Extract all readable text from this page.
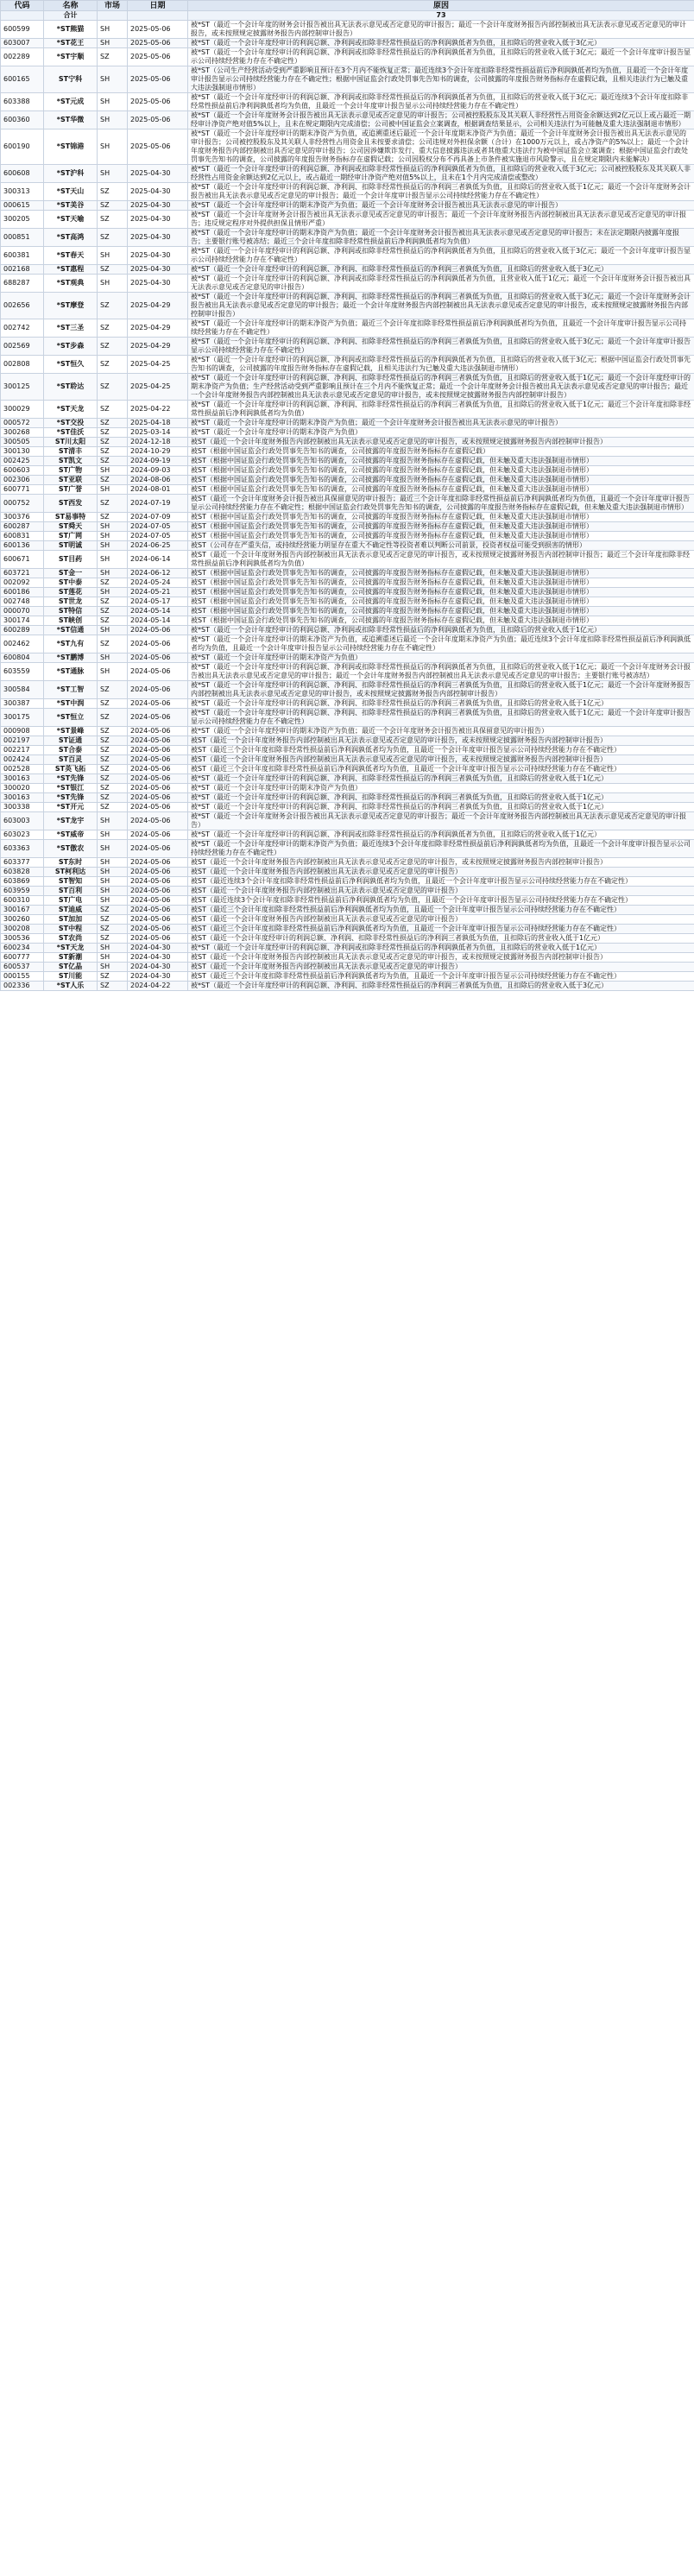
代码	名称	市场	日期	原因
	合计			73
600599	*ST熊猫	SH	2025-05-06	被*ST（最近一个会计年度的财务会计报告被出具无法表示意见或否定意见的审计报告；最近一个会计年度财务报告内部控制被出具无法表示意见或否定意见的审计报告，或未按照规定披露财务报告内部控制审计报告）
603007	*ST花王	SH	2025-05-06	被*ST（最近一个会计年度经审计的利润总额、净利润或扣除非经常性损益后的净利润孰低者为负值，且扣除后的营业收入低于3亿元）
002289	*ST宇顺	SZ	2025-05-06	被*ST（最近一个会计年度经审计的利润总额、净利润或扣除非经常性损益后的净利润孰低者为负值，且扣除后的营业收入低于3亿元；最近一个会计年度审计报告显示公司持续经营能力存在不确定性）
600165	ST宁科	SH	2025-05-06	被*ST（公司生产经营活动受到严重影响且预计在3个月内不能恢复正常；最近连续3个会计年度扣除非经常性损益前后净利润孰低者均为负值，且最近一个会计年度审计报告显示公司持续经营能力存在不确定性；根据中国证监会行政处罚事先告知书的调查，公司披露的年度报告财务指标存在虚假记载，且相关违法行为已触及重大违法强制退市情形）
603388	*ST元成	SH	2025-05-06	被*ST（最近一个会计年度经审计的利润总额、净利润或扣除非经常性损益后的净利润孰低者为负值，且扣除后的营业收入低于3亿元；最近连续3个会计年度扣除非经常性损益前后净利润孰低者均为负值，且最近一个会计年度审计报告显示公司持续经营能力存在不确定性）
600360	*ST华微	SH	2025-05-06	被*ST（最近一个会计年度财务会计报告被出具无法表示意见或否定意见的审计报告；公司被控股股东及其关联人非经营性占用资金余额达到2亿元以上或占最近一期经审计净资产绝对值5%以上，且未在规定期限内完成清偿；公司被中国证监会立案调查，根据调查结果显示，公司相关违法行为可能触及重大违法强制退市情形）
600190	*ST锦港	SH	2025-05-06	被*ST（最近一个会计年度经审计的期末净资产为负值，或追溯重述后最近一个会计年度期末净资产为负值；最近一个会计年度财务会计报告被出具无法表示意见的审计报告；公司被控股股东及其关联人非经营性占用资金且未按要求清偿；公司违规对外担保余额（合计）在1000万元以上，或占净资产的5%以上；最近一个会计年度财务报告内部控制被出具否定意见的审计报告；公司因涉嫌欺诈发行、重大信息披露违法或者其他重大违法行为被中国证监会立案调查；根据中国证监会行政处罚事先告知书的调查，公司披露的年度报告财务指标存在虚假记载；公司因股权分布不再具备上市条件被实施退市风险警示，且在规定期限内未能解决）
600608	*ST沪科	SH	2025-04-30	被*ST（最近一个会计年度经审计的利润总额、净利润或扣除非经常性损益后的净利润孰低者为负值，且扣除后的营业收入低于3亿元；公司被控股股东及其关联人非经营性占用资金余额达到2亿元以上，或占最近一期经审计净资产绝对值5%以上，且未在1个月内完成清偿或整改）
300313	*ST天山	SZ	2025-04-30	被*ST（最近一个会计年度经审计的利润总额、净利润、扣除非经常性损益后的净利润三者孰低为负值，且扣除后的营业收入低于1亿元；最近一个会计年度财务会计报告被出具无法表示意见或否定意见的审计报告；最近一个会计年度审计报告显示公司持续经营能力存在不确定性）
000615	*ST美谷	SZ	2025-04-30	被*ST（最近一个会计年度经审计的期末净资产为负值；最近一个会计年度财务会计报告被出具无法表示意见的审计报告）
300205	*ST天喻	SZ	2025-04-30	被*ST（最近一个会计年度财务会计报告被出具无法表示意见或否定意见的审计报告；最近一个会计年度财务报告内部控制被出具无法表示意见或否定意见的审计报告；违反规定程序对外提供担保且情形严重）
000851	*ST高鸿	SZ	2025-04-30	被*ST（最近一个会计年度经审计的期末净资产为负值；最近一个会计年度财务会计报告被出具无法表示意见或否定意见的审计报告；未在法定期限内披露年度报告；主要银行账号被冻结；最近三个会计年度扣除非经常性损益前后净利润孰低者均为负值）
600381	*ST春天	SH	2025-04-30	被*ST（最近一个会计年度经审计的利润总额、净利润或扣除非经常性损益后的净利润孰低者为负值，且扣除后的营业收入低于3亿元；最近一个会计年度审计报告显示公司持续经营能力存在不确定性）
002168	*ST惠程	SZ	2025-04-30	被*ST（最近一个会计年度经审计的利润总额、净利润、扣除非经常性损益后的净利润三者孰低为负值，且扣除后的营业收入低于3亿元）
688287	*ST观典	SH	2025-04-30	被*ST（最近一个会计年度经审计的利润总额、净利润或扣除非经常性损益后的净利润孰低者为负值，且营业收入低于1亿元；最近一个会计年度财务会计报告被出具无法表示意见或否定意见的审计报告）
002656	*ST摩登	SZ	2025-04-29	被*ST（最近一个会计年度经审计的利润总额、净利润、扣除非经常性损益后的净利润三者孰低为负值，且扣除后的营业收入低于3亿元；最近一个会计年度财务会计报告被出具无法表示意见或否定意见的审计报告；最近一个会计年度财务报告内部控制被出具无法表示意见或否定意见的审计报告，或未按照规定披露财务报告内部控制审计报告）
002742	*ST三圣	SZ	2025-04-29	被*ST（最近一个会计年度经审计的期末净资产为负值；最近三个会计年度扣除非经常性损益前后净利润孰低者均为负值，且最近一个会计年度审计报告显示公司持续经营能力存在不确定性）
002569	*ST步森	SZ	2025-04-29	被*ST（最近一个会计年度经审计的利润总额、净利润、扣除非经常性损益后的净利润三者孰低为负值，且扣除后的营业收入低于3亿元；最近一个会计年度审计报告显示公司持续经营能力存在不确定性）
002808	*ST恒久	SZ	2025-04-25	被*ST（最近一个会计年度经审计的利润总额、净利润或扣除非经常性损益后的净利润孰低者为负值，且扣除后的营业收入低于3亿元；根据中国证监会行政处罚事先告知书的调查，公司披露的年度报告财务指标存在虚假记载，且相关违法行为已触及重大违法强制退市情形）
300125	*ST聆达	SZ	2025-04-25	被*ST（最近一个会计年度经审计的利润总额、净利润、扣除非经常性损益后的净利润三者孰低为负值，且扣除后的营业收入低于1亿元；最近一个会计年度经审计的期末净资产为负值；生产经营活动受到严重影响且预计在三个月内不能恢复正常；最近一个会计年度财务会计报告被出具无法表示意见或否定意见的审计报告；最近一个会计年度财务报告内部控制被出具无法表示意见或否定意见的审计报告，或未按照规定披露财务报告内部控制审计报告）
300029	*ST天龙	SZ	2025-04-22	被*ST（最近一个会计年度经审计的利润总额、净利润、扣除非经常性损益后的净利润三者孰低为负值，且扣除后的营业收入低于1亿元；最近三个会计年度扣除非经常性损益前后净利润孰低者均为负值）
000572	*ST交投	SZ	2025-04-18	被*ST（最近一个会计年度经审计的期末净资产为负值；最近一个会计年度财务会计报告被出具无法表示意见的审计报告）
300268	*ST佳沃	SZ	2025-03-14	被*ST（最近一个会计年度经审计的期末净资产为负值）
300505	ST川太阳	SZ	2024-12-18	被ST（最近一个会计年度财务报告内部控制被出具无法表示意见或否定意见的审计报告，或未按照规定披露财务报告内部控制审计报告）
300130	ST清丰	SZ	2024-10-29	被ST（根据中国证监会行政处罚事先告知书的调查，公司披露的年度报告财务指标存在虚假记载）
002425	ST凯文	SZ	2024-09-19	被ST（根据中国证监会行政处罚事先告知书的调查，公司披露的年度报告财务指标存在虚假记载，但未触及重大违法强制退市情形）
600603	ST广物	SH	2024-09-03	被ST（根据中国证监会行政处罚事先告知书的调查，公司披露的年度报告财务指标存在虚假记载，但未触及重大违法强制退市情形）
002306	ST亚联	SZ	2024-08-06	被ST（根据中国证监会行政处罚事先告知书的调查，公司披露的年度报告财务指标存在虚假记载，但未触及重大违法强制退市情形）
600771	ST广誉	SH	2024-08-01	被ST（根据中国证监会行政处罚事先告知书的调查，公司披露的年度报告财务指标存在虚假记载，但未触及重大违法强制退市情形）
000752	ST西发	SZ	2024-07-19	被ST（最近一个会计年度财务会计报告被出具保留意见的审计报告；最近三个会计年度扣除非经常性损益前后净利润孰低者均为负值，且最近一个会计年度审计报告显示公司持续经营能力存在不确定性；根据中国证监会行政处罚事先告知书的调查，公司披露的年度报告财务指标存在虚假记载，但未触及重大违法强制退市情形）
300376	ST易事特	SZ	2024-07-09	被ST（根据中国证监会行政处罚事先告知书的调查，公司披露的年度报告财务指标存在虚假记载，但未触及重大违法强制退市情形）
600287	ST舜天	SH	2024-07-05	被ST（根据中国证监会行政处罚事先告知书的调查，公司披露的年度报告财务指标存在虚假记载，但未触及重大违法强制退市情形）
600831	ST广网	SH	2024-07-05	被ST（根据中国证监会行政处罚事先告知书的调查，公司披露的年度报告财务指标存在虚假记载，但未触及重大违法强制退市情形）
600136	ST明诚	SH	2024-06-25	被ST（公司存在严重失信，或持续经营能力明显存在重大不确定性等投资者难以判断公司前景，投资者权益可能受到损害的情形）
600671	ST目药	SH	2024-06-14	被ST（最近一个会计年度财务报告内部控制被出具无法表示意见或否定意见的审计报告，或未按照规定披露财务报告内部控制审计报告；最近三个会计年度扣除非经常性损益前后净利润孰低者均为负值）
603721	ST金一	SH	2024-06-12	被ST（根据中国证监会行政处罚事先告知书的调查，公司披露的年度报告财务指标存在虚假记载，但未触及重大违法强制退市情形）
002092	ST中泰	SZ	2024-05-24	被ST（根据中国证监会行政处罚事先告知书的调查，公司披露的年度报告财务指标存在虚假记载，但未触及重大违法强制退市情形）
600186	ST莲花	SH	2024-05-21	被ST（根据中国证监会行政处罚事先告知书的调查，公司披露的年度报告财务指标存在虚假记载，但未触及重大违法强制退市情形）
002748	ST世龙	SZ	2024-05-17	被ST（根据中国证监会行政处罚事先告知书的调查，公司披露的年度报告财务指标存在虚假记载，但未触及重大违法强制退市情形）
000070	ST特信	SZ	2024-05-14	被ST（根据中国证监会行政处罚事先告知书的调查，公司披露的年度报告财务指标存在虚假记载，但未触及重大违法强制退市情形）
300174	ST峡创	SZ	2024-05-14	被ST（根据中国证监会行政处罚事先告知书的调查，公司披露的年度报告财务指标存在虚假记载，但未触及重大违法强制退市情形）
600289	*ST信通	SH	2024-05-06	被*ST（最近一个会计年度经审计的利润总额、净利润或扣除非经常性损益后的净利润孰低者为负值，且扣除后的营业收入低于1亿元）
002462	*ST九有	SZ	2024-05-06	被*ST（最近一个会计年度经审计的期末净资产为负值，或追溯重述后最近一个会计年度期末净资产为负值；最近连续3个会计年度扣除非经常性损益前后净利润孰低者均为负值，且最近一个会计年度审计报告显示公司持续经营能力存在不确定性）
600804	*ST鹏博	SH	2024-05-06	被*ST（最近一个会计年度经审计的期末净资产为负值）
603559	*ST通脉	SH	2024-05-06	被*ST（最近一个会计年度经审计的利润总额、净利润或扣除非经常性损益后的净利润孰低者为负值，且扣除后的营业收入低于1亿元；最近一个会计年度财务会计报告被出具无法表示意见或否定意见的审计报告；最近一个会计年度财务报告内部控制被出具无法表示意见或否定意见的审计报告；主要银行账号被冻结）
300584	*ST工智	SZ	2024-05-06	被*ST（最近一个会计年度经审计的利润总额、净利润、扣除非经常性损益后的净利润三者孰低为负值，且扣除后的营业收入低于1亿元；最近一个会计年度财务报告内部控制被出具无法表示意见或否定意见的审计报告，或未按照规定披露财务报告内部控制审计报告）
300387	*ST中润	SZ	2024-05-06	被*ST（最近一个会计年度经审计的利润总额、净利润、扣除非经常性损益后的净利润三者孰低为负值，且扣除后的营业收入低于1亿元）
300175	*ST恒立	SZ	2024-05-06	被*ST（最近一个会计年度经审计的利润总额、净利润、扣除非经常性损益后的净利润三者孰低为负值，且扣除后的营业收入低于1亿元；最近一个会计年度审计报告显示公司持续经营能力存在不确定性）
000908	*ST景峰	SZ	2024-05-06	被*ST（最近一个会计年度经审计的期末净资产为负值；最近一个会计年度财务会计报告被出具保留意见的审计报告）
002197	ST证通	SZ	2024-05-06	被ST（最近一个会计年度财务报告内部控制被出具无法表示意见或否定意见的审计报告，或未按照规定披露财务报告内部控制审计报告）
002217	ST合泰	SZ	2024-05-06	被ST（最近三个会计年度扣除非经常性损益前后净利润孰低者均为负值，且最近一个会计年度审计报告显示公司持续经营能力存在不确定性）
002424	ST百灵	SZ	2024-05-06	被ST（最近一个会计年度财务报告内部控制被出具无法表示意见或否定意见的审计报告，或未按照规定披露财务报告内部控制审计报告）
002528	ST英飞拓	SZ	2024-05-06	被ST（最近三个会计年度扣除非经常性损益前后净利润孰低者均为负值，且最近一个会计年度审计报告显示公司持续经营能力存在不确定性）
300163	*ST先锋	SZ	2024-05-06	被*ST（最近一个会计年度经审计的利润总额、净利润、扣除非经常性损益后的净利润三者孰低为负值，且扣除后的营业收入低于1亿元）
300020	*ST银江	SZ	2024-05-06	被*ST（最近一个会计年度经审计的期末净资产为负值）
300163	*ST先锋	SZ	2024-05-06	被*ST（最近一个会计年度经审计的利润总额、净利润、扣除非经常性损益后的净利润三者孰低为负值，且扣除后的营业收入低于1亿元）
300338	*ST开元	SZ	2024-05-06	被*ST（最近一个会计年度经审计的利润总额、净利润、扣除非经常性损益后的净利润三者孰低为负值，且扣除后的营业收入低于1亿元）
603003	*ST龙宇	SH	2024-05-06	被*ST（最近一个会计年度财务会计报告被出具无法表示意见或否定意见的审计报告；最近一个会计年度财务报告内部控制被出具无法表示意见或否定意见的审计报告）
603023	*ST威帝	SH	2024-05-06	被*ST（最近一个会计年度经审计的利润总额、净利润或扣除非经常性损益后的净利润孰低者为负值，且扣除后的营业收入低于1亿元）
603363	*ST傲农	SH	2024-05-06	被*ST（最近一个会计年度经审计的期末净资产为负值；最近连续3个会计年度扣除非经常性损益前后净利润孰低者均为负值，且最近一个会计年度审计报告显示公司持续经营能力存在不确定性）
603377	ST东时	SH	2024-05-06	被ST（最近一个会计年度财务报告内部控制被出具无法表示意见或否定意见的审计报告，或未按照规定披露财务报告内部控制审计报告）
603828	ST柯利达	SH	2024-05-06	被ST（最近一个会计年度财务报告内部控制被出具无法表示意见或否定意见的审计报告）
603869	ST智知	SH	2024-05-06	被ST（最近连续3个会计年度扣除非经常性损益前后净利润孰低者均为负值，且最近一个会计年度审计报告显示公司持续经营能力存在不确定性）
603959	ST百利	SH	2024-05-06	被ST（最近一个会计年度财务报告内部控制被出具无法表示意见或否定意见的审计报告）
600310	ST广电	SH	2024-05-06	被ST（最近连续3个会计年度扣除非经常性损益前后净利润孰低者均为负值，且最近一个会计年度审计报告显示公司持续经营能力存在不确定性）
300167	ST迪威	SZ	2024-05-06	被ST（最近三个会计年度扣除非经常性损益前后净利润孰低者均为负值，且最近一个会计年度审计报告显示公司持续经营能力存在不确定性）
300260	ST加加	SZ	2024-05-06	被ST（最近一个会计年度财务报告内部控制被出具无法表示意见或否定意见的审计报告）
300208	ST中程	SZ	2024-05-06	被ST（最近三个会计年度扣除非经常性损益前后净利润孰低者均为负值，且最近一个会计年度审计报告显示公司持续经营能力存在不确定性）
300536	ST农尚	SZ	2024-05-06	被ST（最近一个会计年度经审计的利润总额、净利润、扣除非经常性损益后的净利润三者孰低为负值，且扣除后的营业收入低于1亿元）
600234	*ST天龙	SH	2024-04-30	被*ST（最近一个会计年度经审计的利润总额、净利润或扣除非经常性损益后的净利润孰低者为负值，且扣除后的营业收入低于1亿元）
600777	ST新潮	SH	2024-04-30	被ST（最近一个会计年度财务报告内部控制被出具无法表示意见或否定意见的审计报告，或未按照规定披露财务报告内部控制审计报告）
600537	ST亿晶	SH	2024-04-30	被ST（最近一个会计年度财务报告内部控制被出具无法表示意见或否定意见的审计报告）
000155	ST川能	SZ	2024-04-30	被ST（最近三个会计年度扣除非经常性损益前后净利润孰低者均为负值，且最近一个会计年度审计报告显示公司持续经营能力存在不确定性）
002336	*ST人乐	SZ	2024-04-22	被*ST（最近一个会计年度经审计的利润总额、净利润、扣除非经常性损益后的净利润三者孰低为负值，且扣除后的营业收入低于3亿元）
